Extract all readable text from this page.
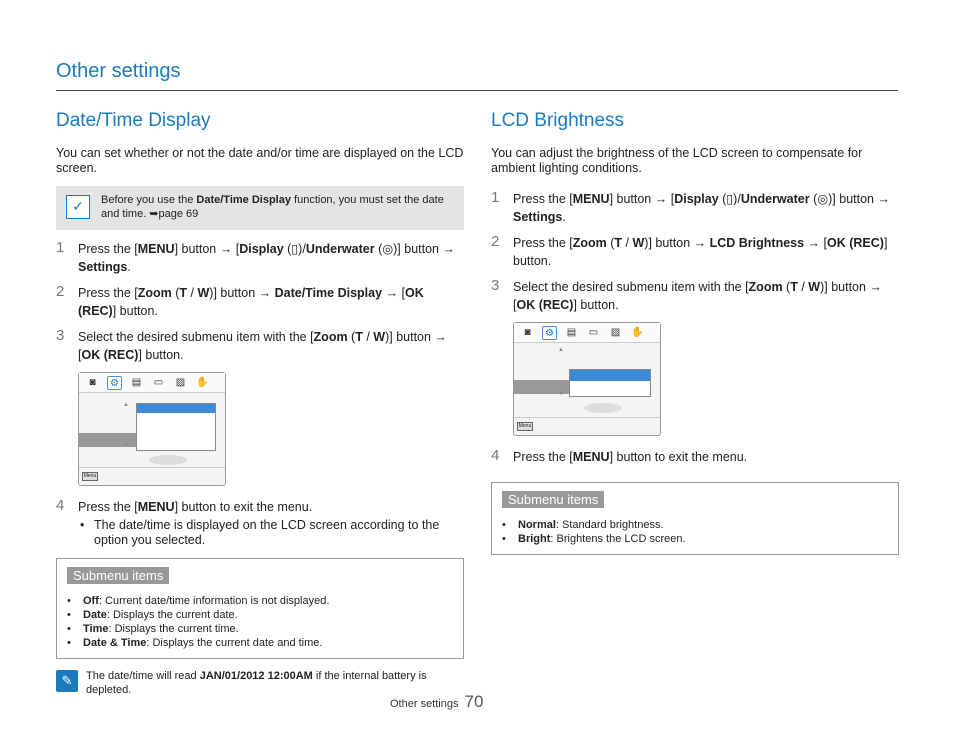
Other settings
Date/Time Display

You can set whether or not the date and/or time are displayed on the LCD screen.

✓	Before you use the Date/Time Display function, you must set the date and time. ➥page 69
1 Press the [MENU] button → [Display (▯)/Underwater (◎)] button → Settings.
2 Press the [Zoom (T / W)] button → Date/Time Display → [OK (REC)] button.
3 Select the desired submenu item with the [Zoom (T / W)] button → [OK (REC)] button.
◙	⚙	▤ ▭ ▨ ✋
▲
▼
Menu
4 Press the [MENU] button to exit the menu.
• The date/time is displayed on the LCD screen according to the option you selected.
Submenu items
• Off: Current date/time information is not displayed.
• Date: Displays the current date.
• Time: Displays the current time.
• Date & Time: Displays the current date and time.
✎	The date/time will read JAN/01/2012 12:00AM if the internal battery is depleted.
LCD Brightness

You can adjust the brightness of the LCD screen to compensate for ambient lighting conditions.

1 Press the [MENU] button → [Display (▯)/Underwater (◎)] button → Settings.
2 Press the [Zoom (T / W)] button → LCD Brightness → [OK (REC)] button.
3 Select the desired submenu item with the [Zoom (T / W)] button → [OK (REC)] button.
◙	⚙	▤ ▭ ▨ ✋
▲
▼
Menu
4 Press the [MENU] button to exit the menu.
Submenu items
• Normal: Standard brightness.
• Bright: Brightens the LCD screen.
Other settings 70
